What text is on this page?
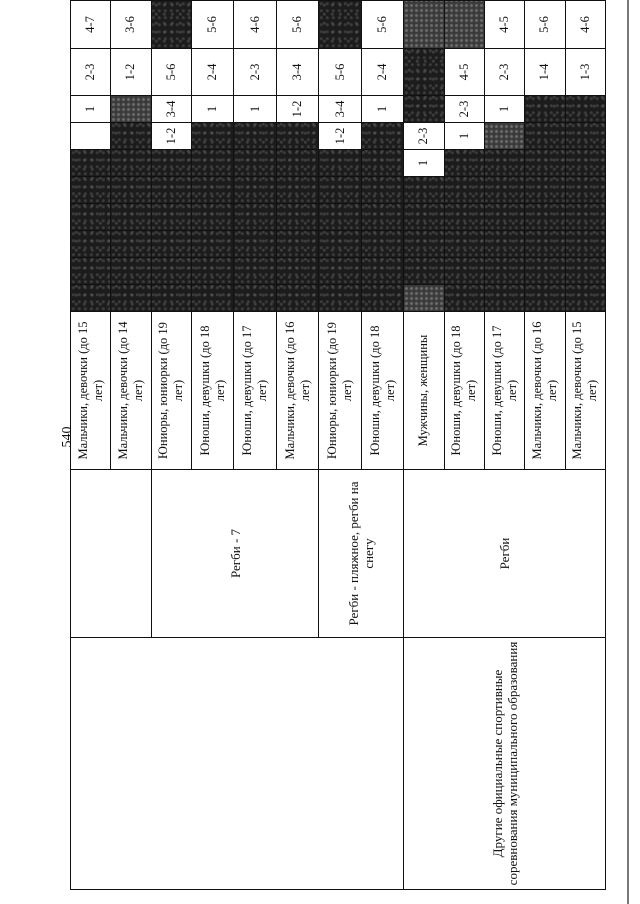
540
		Мальчики, девочки (до 15 лет)								1	2-3	4-7
		Мальчики, девочки (до 14 лет)									1-2	3-6
	Регби - 7	Юниоры, юниорки (до 19 лет)							1-2	3-4	5-6	
		Юноши, девушки (до 18 лет)								1	2-4	5-6
		Юноши, девушки (до 17 лет)								1	2-3	4-6
		Мальчики, девочки (до 16 лет)								1-2	3-4	5-6
	Регби - пляжное, регби на снегу	Юниоры, юниорки (до 19 лет)							1-2	3-4	5-6	
		Юноши, девушки (до 18 лет)								1	2-4	5-6
Другие официальные спортивные соревнования муниципального образования	Регби	Мужчины, женщины						1	2-3			
		Юноши, девушки (до 18 лет)							1	2-3	4-5	
		Юноши, девушки (до 17 лет)								1	2-3	4-5
		Мальчики, девочки (до 16 лет)									1-4	5-6
		Мальчики, девочки (до 15 лет)									1-3	4-6
